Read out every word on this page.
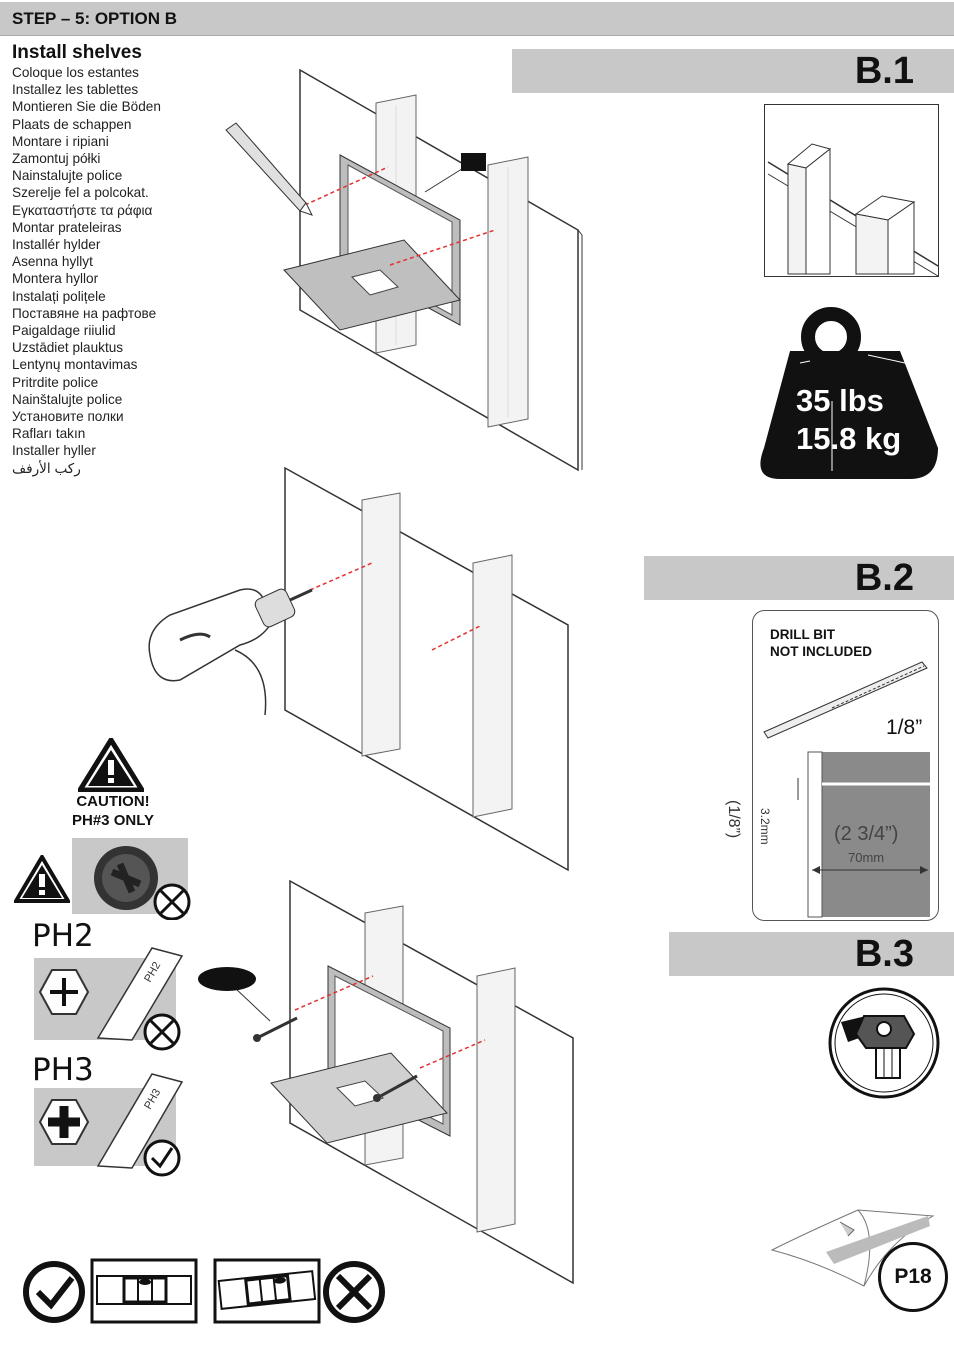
STEP – 5: OPTION B
Install shelves
Coloque los estantes
Installez les tablettes
Montieren Sie die Böden
Plaats de schappen
Montare i ripiani
Zamontuj półki
Nainstalujte police
Szerelje fel a polcokat.
Εγκαταστήστε τα ράφια
Montar prateleiras
Installér hylder
Asenna hyllyt
Montera hyllor
Instalați polițele
Поставяне на рафтове
Paigaldage riiulid
Uzstādiet plauktus
Lentynų montavimas
Pritrdite police
Nainštalujte police
Установите полки
Rafları takın
Installer hyller
ركب الأرفف
B.1
B.2
B.3
35 lbs
15.8 kg
DRILL BIT
NOT INCLUDED
1/8”
(1/8”) 3.2mm	(2 3/4”)
70mm
CAUTION!
PH#3 ONLY
PH2
PH2
PH3
PH3
P18
